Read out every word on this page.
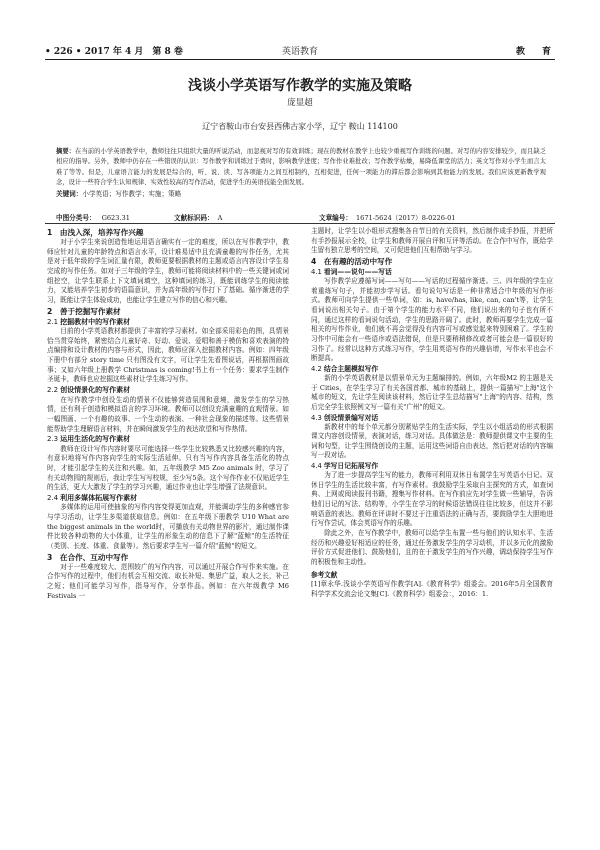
• 226 • 2017 年 4 月　第 8 卷	英语教育	教　育
浅谈小学英语写作教学的实施及策略
庞显超
辽宁省鞍山市台安县西佛古家小学，辽宁 鞍山 114100

摘要：在当前的小学英语教学中，教师往往只组织大量的听说活动，而忽视对写的有效训练；现在的教材在教学上也较少重视写作训练的问题。对写的内容安排较少，而且缺乏相应的指导。另外，教师中仍存在一些错误的认识：写作教学和训练过于费时，影响教学进度；写作作业难批改；写作教学枯燥，易降低课堂的活力；英文写作对小学生而言太难了等等。但是，儿童语言能力的发展是综合的，听、说、读、写各项能力之间互相制约，互相促进，任何一项能力的滞后都会影响到其他能力的发展。我们应该更新教学观念，设计一些符合学生认知规律、实效性较高的写作活动，促进学生的英语技能全面发展。

关键词：小学英语；写作教学；实施；策略

中图分类号： G623.31	文献标识码： A	文章编号： 1671-5624（2017）8-0226-01

1　由浅入深，培养写作兴趣

对于小学生来说创造性地运用语言确实有一定的难度，所以在写作教学中，教师应针对儿童的年龄特点和语言水平，设计难易适中且充满童趣的写作任务，尤其是对于低年级的学生词汇量有限，教师更要根据教材的主题或语言内容设计学生易完成的写作任务。如对于三年级的学生，教师可能将阅读材料中的一些关键词或词组挖空，让学生联系上下文填词填空，这种填词的练习，既能训练学生的阅读能力，又能培养学生初步的语篇意识，并为高年级的写作打下了基础。循序渐进的学习，既能让学生体验成功，也能让学生建立写作的信心和兴趣。

2　善于挖掘写作素材

2.1 挖掘教材中的写作素材

目前的小学英语教材都提供了丰富的学习素材。如全部采用彩色的图，具情景恰当贯穿始终，紧密结合儿童好奇、好动、爱说、爱唱和善于模仿和喜欢表演的特点编排和设计教材的内容与形式，因此，教师应深入挖掘教材内容。例如：四年级下册中有部分 story time 只有图没有文字，可让学生先看图说话，再根据图画故事；又如六年级上册教学 Christmas is coming!书上有一个任务：要求学生制作圣诞卡，教师也应挖掘这些素材让学生练习写作。

2.2 创设情景化的写作素材

在写作教学中创设生动的情景不仅能够营造氛围和意境，激发学生的学习热情，还有利于创造和模拟语言的学习环境。教师可以创设充满童趣的直观情景。如一幅图画、一个有趣的故事、一个生动的表演、一种社会现象的描述等。这些情景能帮助学生理解语言材料，并在瞬间激发学生的表达欲望和写作热情。

2.3 运用生活化的写作素材

教师在设计写作内容时要尽可能选择一些学生比较熟悉又比较感兴趣的内容，有意识地将写作内容向学生的实际生活延伸。只有当写作内容具备生活化的特点时，才能引起学生的关注和兴趣。如，五年级教学 M5 Zoo animals 时，学习了有关动物园的规则后，我让学生写写校规，至少写5条。这个写作作业不仅贴近学生的生活，更大大激发了学生的学习兴趣，通过作业也让学生增强了法规意识。

2.4 利用多媒体拓展写作素材

多媒体的运用可使抽象的写作内容变得更加直观，并能调动学生的多种感官参与学习活动，让学生多渠道获取信息。例如：在五年级下册教学 U10 What are the biggest animals in the world时，可播放有关动物世界的影片，通过制作课件比较各种动物的大小体重，让学生的形象生动的信息下了解"蓝鲸"的生活特征（类别、长度、体重、食量等）。然后要求学生写一篇介绍"蓝鲸"的短文。

3　在合作、互动中写作

对于一些难度较大、范围较广的写作内容，可以通过开展合作写作来实施。在合作写作的过程中，他们有机会互相交流、取长补短、集思广益，取人之长，补己之短；他们可能学习写作，指导写作，分享作品。例如：在六年级教学 M6 Festivals 一

主题时，让学生以小组形式搜集各自节日的有关资料，然后制作成手抄报，并把所有手抄报展示全校，让学生和教师开展自评和互评等活动。在合作中写作，既给学生留有独立思考的空间，又可促进他们互相帮助与学习。

4　在有趣的活动中写作

4.1 看词——说句——写话

写作教学应遵循写词——写句——写话的过程循序渐进。三、四年级的学生应着重练写句子，并能初步学写话。看句说句写话是一种非常适合中年级的写作形式。教师可向学生提供一些单词，如：is, have/has, like, can, can't等，让学生看词说出相关句子。由于第个学生的能力水平不同，他们说出来的句子也有所不同，通过这样的看词说句活动，学生的思路开阔了。此时，教师再要学生完成一篇相关的写作作业，他们就不再会觉得没有内容可写或感觉起来特别困难了。学生的习作中可能会有一些语序或语法错误，但是只要稍稍修改或者可能会是一篇很好的习作了。经常以这种方式练习写作，学生用英语写作的兴趣倍增，写作水平也会不断提高。

4.2 结合主题模拟写作

新的小学英语教材是以情景单元为主题编排的。例如，六年级M2 的主题是关于 Cities，在学生学习了有关各国首都、城市的基础上，提供一篇描写"上海"这个城市的短文，先让学生阅读该材料，然后让学生总结描写"上海"的内容、结构，然后完全学生依照例文写一篇有关"广州"的短文。

4.3 创设情景编写对话

新教材中的每个单元都分别紧贴学生的生活实际，学生以小组活动的形式根据课文内容创设情景，表演对话，练习对话。具体做法是：教师提供课文中主要的生词和句型，让学生围绕创设的主题，运用这些词语自由表达，然后把对话的内容编写一段对话。

4.4 学写日记拓展写作

为了进一步提高学生写的能力，教师可利用双休日布置学生写英语小日记。双休日学生的生活比较丰富，有写作素材。我鼓励学生采取自主探究的方式，如查词典、上网或阅读报刊书籍，搜集写作材料。在写作前应先对学生做一些辅导，告诉他们日记的写法、结构等，小学生在学习的时候语法错误往往比较多，但这并不影响语意的表达。教师在评讲时不要过于注重语法的正确与否，要鼓励学生大胆地进行写作尝试，体会英语写作的乐趣。

除此之外，在写作教学中，教师可以给学生布置一些与他们的认知水平、生活经历和兴趣爱好相适应的任务，通过任务激发学生的学习动机，并以多元化的激励评价方式促进他们、鼓励他们，且的在于激发学生的写作兴趣，调动保持学生写作的积极性和主动性。

参考文献

[1]章永华.浅谈小学英语写作教学[A].《教育科学》组委会。2016年5月全国教育科学学术交流会论文集[C].《教育科学》组委会：，2016：1.
